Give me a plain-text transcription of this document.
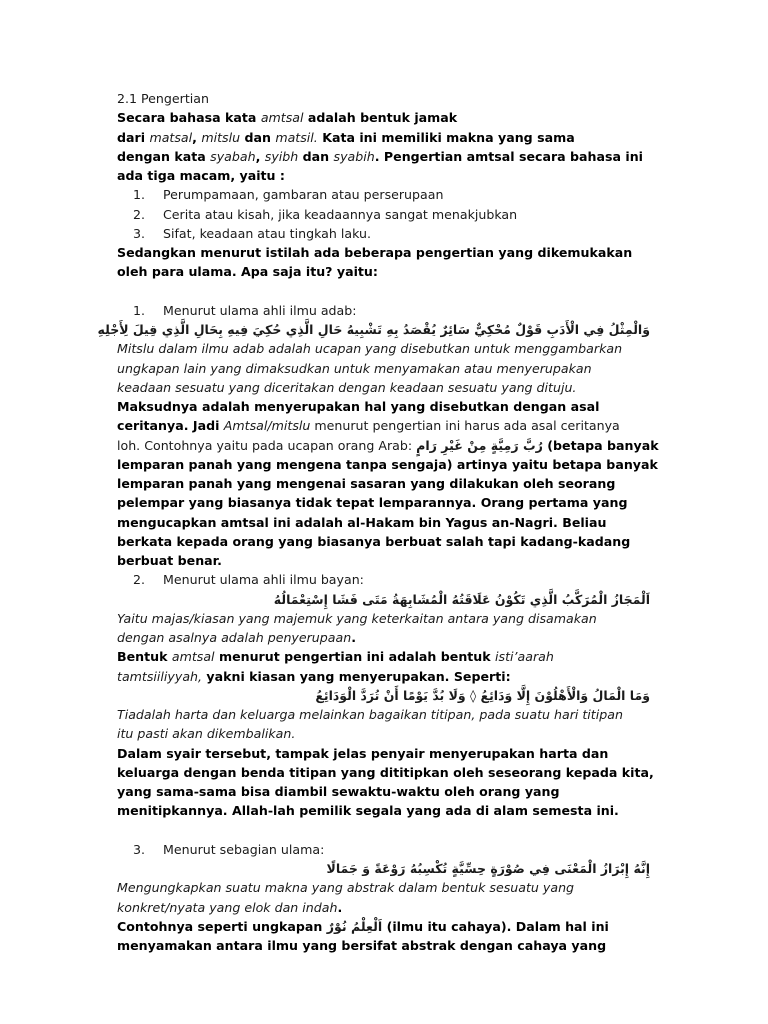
2.1 Pengertian
Secara bahasa kata amtsal adalah bentuk jamak
dari matsal, mitslu dan matsil. Kata ini memiliki makna yang sama
dengan kata syabah, syibh dan syabih. Pengertian amtsal secara bahasa ini
ada tiga macam, yaitu :
1. Perumpamaan, gambaran atau perserupaan
2. Cerita atau kisah, jika keadaannya sangat menakjubkan
3. Sifat, keadaan atau tingkah laku.
Sedangkan menurut istilah ada beberapa pengertian yang dikemukakan
oleh para ulama. Apa saja itu? yaitu:
1. Menurut ulama ahli ilmu adab:
وَالْمِثْلُ فِي الْأَدَبِ قَوْلٌ مُحْكِيٌّ سَائِرٌ يُقْصَدُ بِهِ تَشْبِيهُ حَالِ الَّذِي حُكِيَ فِيهِ بِحَالِ الَّذِي قِيلَ لِأَجْلِهِ
Mitslu dalam ilmu adab adalah ucapan yang disebutkan untuk menggambarkan
ungkapan lain yang dimaksudkan untuk menyamakan atau menyerupakan
keadaan sesuatu yang diceritakan dengan keadaan sesuatu yang dituju.
Maksudnya adalah menyerupakan hal yang disebutkan dengan asal
ceritanya. Jadi Amtsal/mitslu menurut pengertian ini harus ada asal ceritanya
loh. Contohnya yaitu pada ucapan orang Arab: رُبَّ رَمِيَّةٍ مِنْ غَيْرِ رَامٍ (betapa banyak
lemparan panah yang mengena tanpa sengaja) artinya yaitu betapa banyak
lemparan panah yang mengenai sasaran yang dilakukan oleh seorang
pelempar yang biasanya tidak tepat lemparannya. Orang pertama yang
mengucapkan amtsal ini adalah al-Hakam bin Yagus an-Nagri. Beliau
berkata kepada orang yang biasanya berbuat salah tapi kadang-kadang
berbuat benar.
2. Menurut ulama ahli ilmu bayan:
اَلْمَجَازُ الْمُرَكَّبُ الَّذِي تَكُوْنُ عَلَاقَتُهُ الْمُشَابِهَةُ مَتَى فَشَا إِسْتِعْمَالُهُ
Yaitu majas/kiasan yang majemuk yang keterkaitan antara yang disamakan
dengan asalnya adalah penyerupaan.
Bentuk amtsal menurut pengertian ini adalah bentuk isti’aarah
tamtsiiliyyah, yakni kiasan yang menyerupakan. Seperti:
وَمَا الْمَالُ وَالْأَهْلُوْنَ إِلَّا وَدَائِعُ ◊ وَلَا بُدَّ يَوْمًا أَنْ تُرَدَّ الْوَدَائِعُ
Tiadalah harta dan keluarga melainkan bagaikan titipan, pada suatu hari titipan
itu pasti akan dikembalikan.
Dalam syair tersebut, tampak jelas penyair menyerupakan harta dan
keluarga dengan benda titipan yang dititipkan oleh seseorang kepada kita,
yang sama-sama bisa diambil sewaktu-waktu oleh orang yang
menitipkannya. Allah-lah pemilik segala yang ada di alam semesta ini.
3. Menurut sebagian ulama:
إِنَّهُ إِبْرَازُ الْمَعْنَى فِي صُوْرَةٍ حِسِّيَّةٍ تُكْسِبُهُ رَوْعَةً وَ جَمَالًا
Mengungkapkan suatu makna yang abstrak dalam bentuk sesuatu yang
konkret/nyata yang elok dan indah.
Contohnya seperti ungkapan اَلْعِلْمُ نُوْرٌ (ilmu itu cahaya). Dalam hal ini
menyamakan antara ilmu yang bersifat abstrak dengan cahaya yang
